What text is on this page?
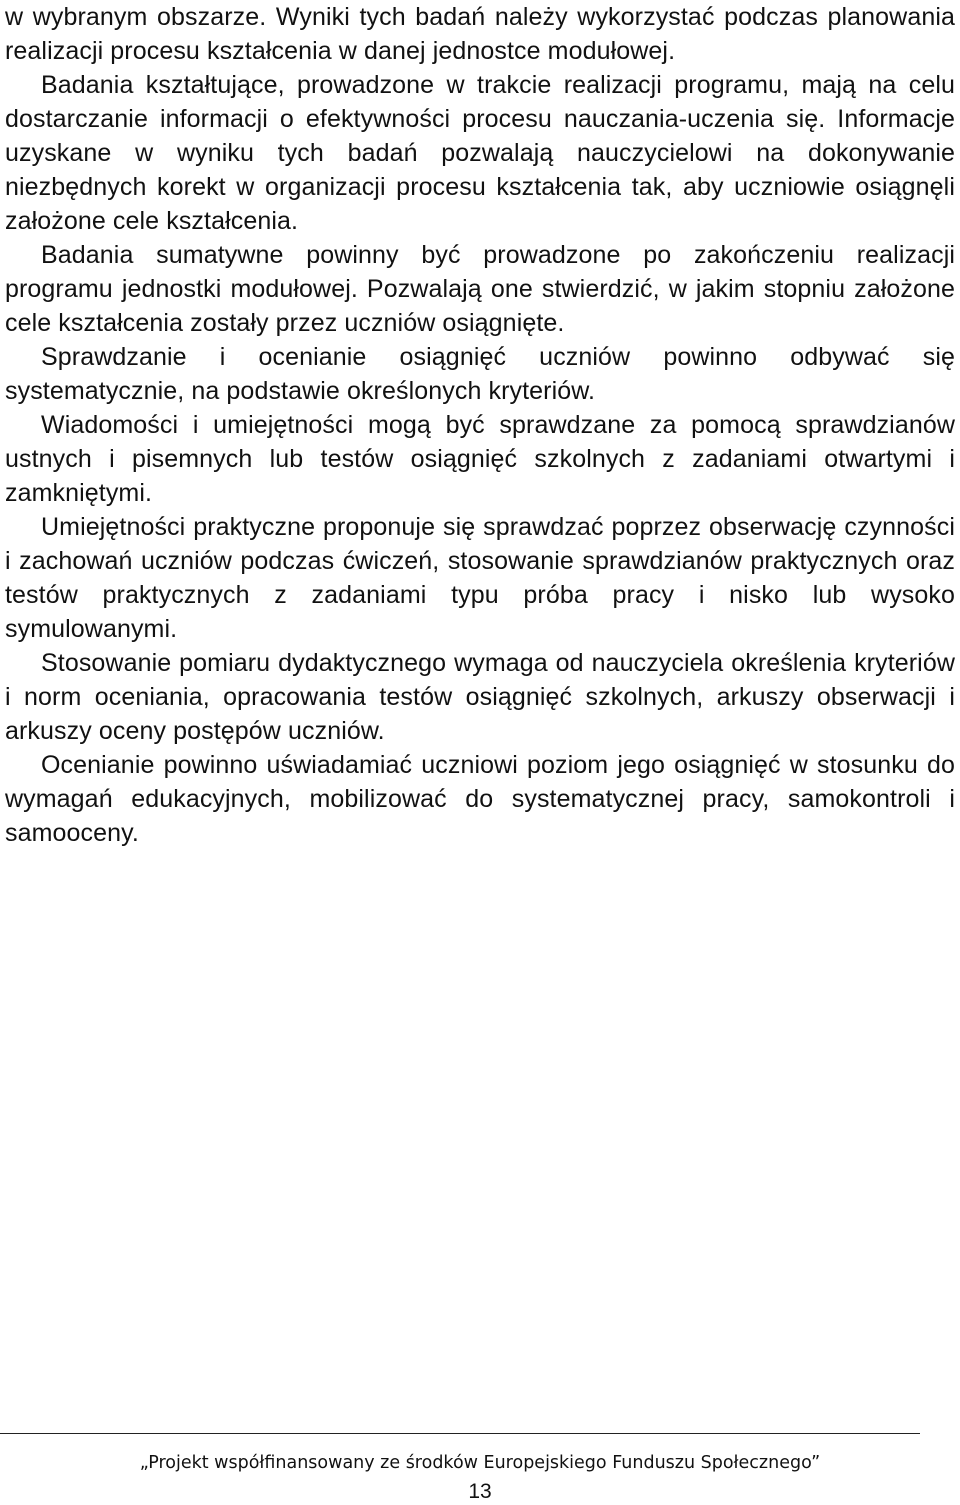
w wybranym obszarze. Wyniki tych badań należy wykorzystać podczas planowania realizacji procesu kształcenia w danej jednostce modułowej.

Badania kształtujące, prowadzone w trakcie realizacji programu, mają na celu dostarczanie informacji o efektywności procesu nauczania-uczenia się. Informacje uzyskane w wyniku tych badań pozwalają nauczycielowi na dokonywanie niezbędnych korekt w organizacji procesu kształcenia tak, aby uczniowie osiągnęli założone cele kształcenia.

Badania sumatywne powinny być prowadzone po zakończeniu realizacji programu jednostki modułowej. Pozwalają one stwierdzić, w jakim stopniu założone cele kształcenia zostały przez uczniów osiągnięte.

Sprawdzanie i ocenianie osiągnięć uczniów powinno odbywać się systematycznie, na podstawie określonych kryteriów.

Wiadomości i umiejętności mogą być sprawdzane za pomocą sprawdzianów ustnych i pisemnych lub testów osiągnięć szkolnych z zadaniami otwartymi i zamkniętymi.

Umiejętności praktyczne proponuje się sprawdzać poprzez obserwację czynności i zachowań uczniów podczas ćwiczeń, stosowanie sprawdzianów praktycznych oraz testów praktycznych z zadaniami typu próba pracy i nisko lub wysoko symulowanymi.

Stosowanie pomiaru dydaktycznego wymaga od nauczyciela określenia kryteriów i norm oceniania, opracowania testów osiągnięć szkolnych, arkuszy obserwacji i arkuszy oceny postępów uczniów.

Ocenianie powinno uświadamiać uczniowi poziom jego osiągnięć w stosunku do wymagań edukacyjnych, mobilizować do systematycznej pracy, samokontroli i samooceny.

„Projekt współfinansowany ze środków Europejskiego Funduszu Społecznego”
13
